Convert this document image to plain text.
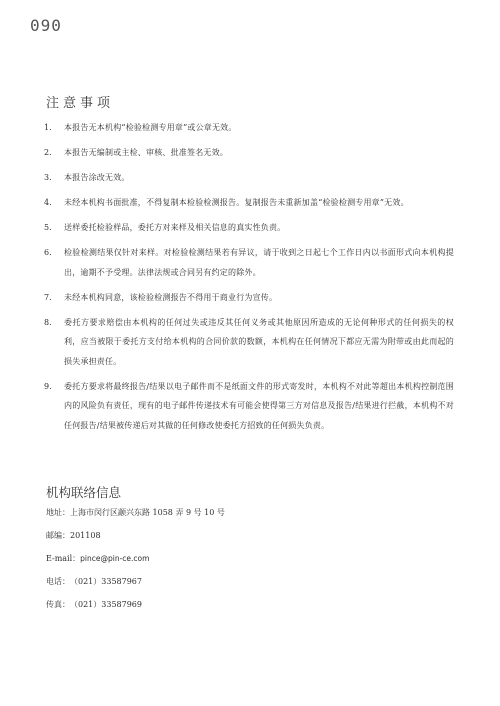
090
注意事项
1.	本报告无本机构“检验检测专用章”或公章无效。
2.	本报告无编制或主检、审核、批准签名无效。
3.	本报告涂改无效。
4.	未经本机构书面批准，不得复制本检验检测报告。复制报告未重新加盖“检验检测专用章”无效。
5.	送样委托检验样品，委托方对来样及相关信息的真实性负责。
6.	检验检测结果仅针对来样。对检验检测结果若有异议，请于收到之日起七个工作日内以书面形式向本机构提出，逾期不予受理。法律法规或合同另有约定的除外。
7.	未经本机构同意，该检验检测报告不得用于商业行为宣传。
8.	委托方要求赔偿由本机构的任何过失或违反其任何义务或其他原因所造成的无论何种形式的任何损失的权利，应当被限于委托方支付给本机构的合同价款的数额，本机构在任何情况下都应无需为附带或由此而起的损失承担责任。
9.	委托方要求将最终报告/结果以电子邮件而不是纸面文件的形式寄发时，本机构不对此等超出本机构控制范围内的风险负有责任，现有的电子邮件传递技术有可能会使得第三方对信息及报告/结果进行拦截，本机构不对任何报告/结果被传递后对其做的任何修改使委托方招致的任何损失负责。
机构联络信息
地址：上海市闵行区颛兴东路 1058 弄 9 号 10 号
邮编：201108
E-mail：pince@pin-ce.com
电话：（021）33587967
传真：（021）33587969
